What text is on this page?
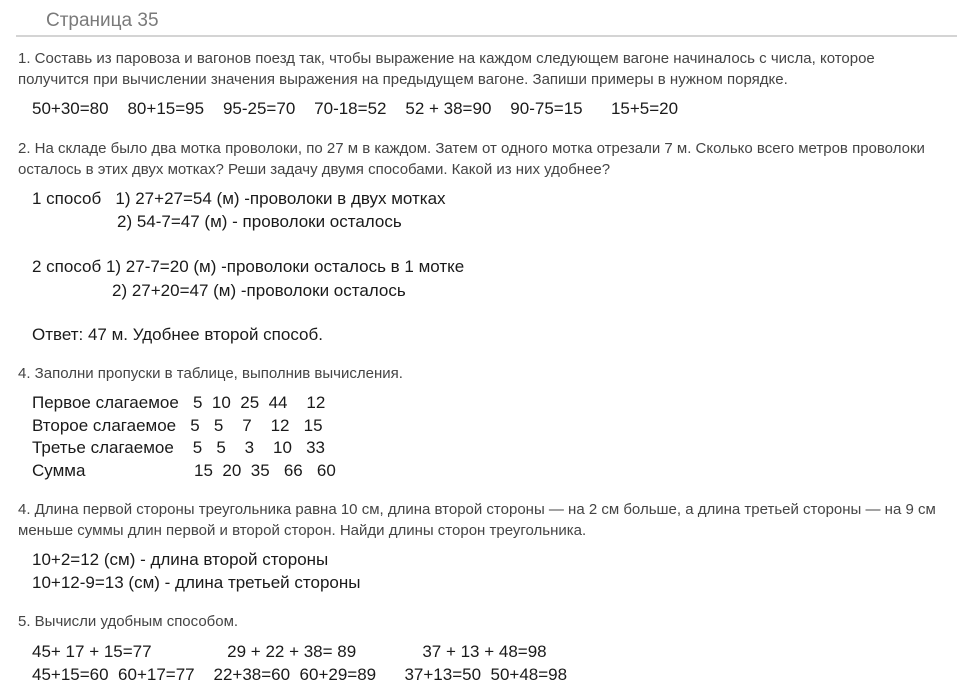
Страница 35
1. Составь из паровоза и вагонов поезд так, чтобы выражение на каждом следующем вагоне начиналось с числа, которое получится при вычислении значения выражения на предыдущем вагоне. Запиши примеры в нужном порядке.
50+30=80    80+15=95    95-25=70    70-18=52    52 + 38=90    90-75=15      15+5=20
2. На складе было два мотка проволоки, по 27 м в каждом. Затем от одного мотка отрезали 7 м. Сколько всего метров проволоки осталось в этих двух мотках? Реши задачу двумя способами. Какой из них удобнее?
1 способ   1) 27+27=54 (м) -проволоки в двух мотках
2) 54-7=47 (м) - проволоки осталось
2 способ 1) 27-7=20 (м) -проволоки осталось в 1 мотке
2) 27+20=47 (м) -проволоки осталось
Ответ: 47 м. Удобнее второй способ.
4. Заполни пропуски в таблице, выполнив вычисления.
Первое слагаемое   5  10  25  44    12
Второе слагаемое   5   5    7    12   15
Третье слагаемое    5   5    3    10   33
Сумма                       15  20  35   66   60
4. Длина первой стороны треугольника равна 10 см, длина второй стороны — на 2 см больше, а длина третьей стороны — на 9 см меньше суммы длин первой и второй сторон. Найди длины сторон треугольника.
10+2=12 (см) - длина второй стороны
10+12-9=13 (см) - длина третьей стороны
5. Вычисли удобным способом.
45+ 17 + 15=77                29 + 22 + 38= 89              37 + 13 + 48=98
45+15=60  60+17=77    22+38=60  60+29=89      37+13=50  50+48=98
